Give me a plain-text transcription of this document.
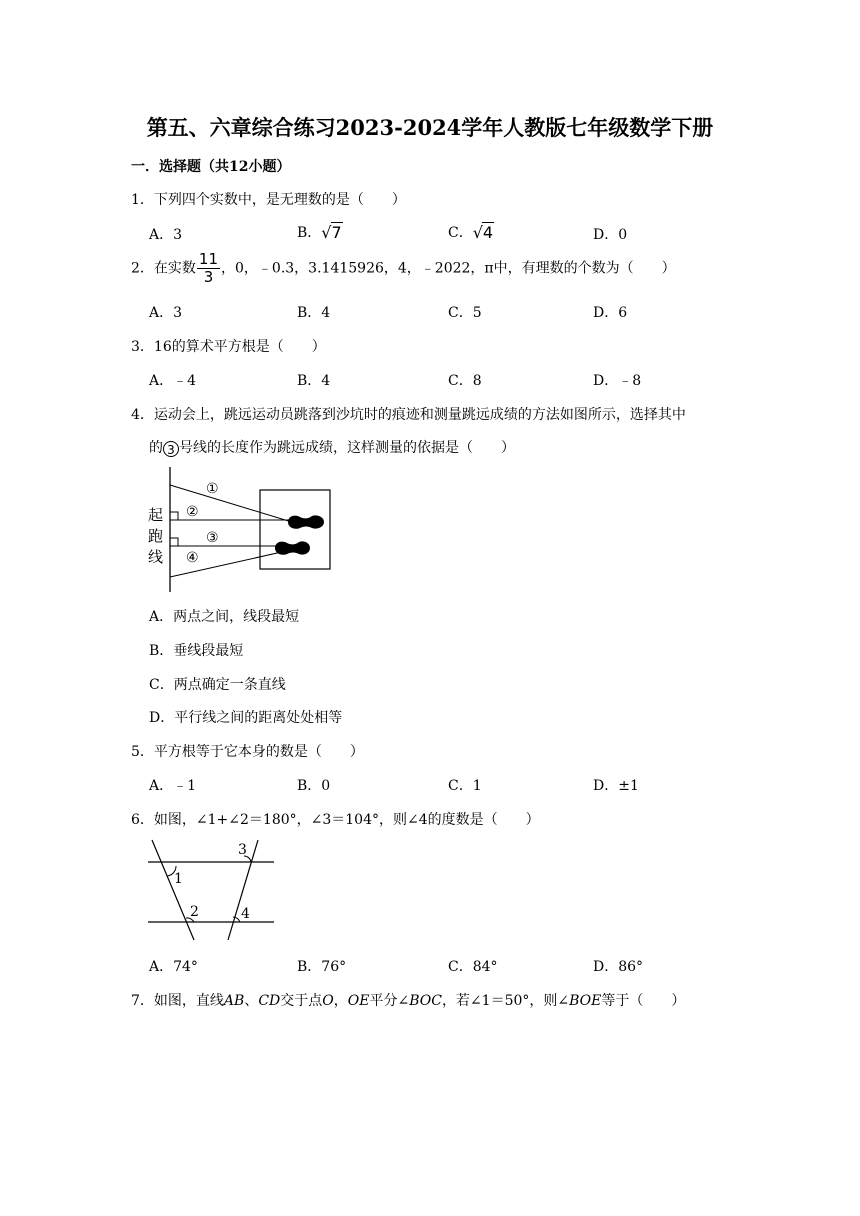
第五、六章综合练习2023-2024学年人教版七年级数学下册
一．选择题（共12小题）
1．下列四个实数中，是无理数的是（　　）
A．3	B．√7	C．√4	D．0
2．在实数 $\frac{11}{3}$ ，0，﹣0.3，3.1415926，4，﹣2022，π中，有理数的个数为（　　）
A．3	B．4	C．5	D．6
3．16的算术平方根是（　　）
A．﹣4	B．4	C．8	D．﹣8
4．运动会上，跳远运动员跳落到沙坑时的痕迹和测量跳远成绩的方法如图所示，选择其中
的 3 号线的长度作为跳远成绩，这样测量的依据是（　　）
起
跑
线
①
②
③
④
A．两点之间，线段最短
B．垂线段最短
C．两点确定一条直线
D．平行线之间的距离处处相等
5．平方根等于它本身的数是（　　）
A．﹣1	B．0	C．1	D．±1
6．如图，∠1+∠2＝180°，∠3＝104°，则∠4的度数是（　　）
1
2
3
4
A．74°	B．76°	C．84°	D．86°
7．如图，直线AB、CD交于点O，OE平分∠BOC，若∠1＝50°，则∠BOE等于（　　）
